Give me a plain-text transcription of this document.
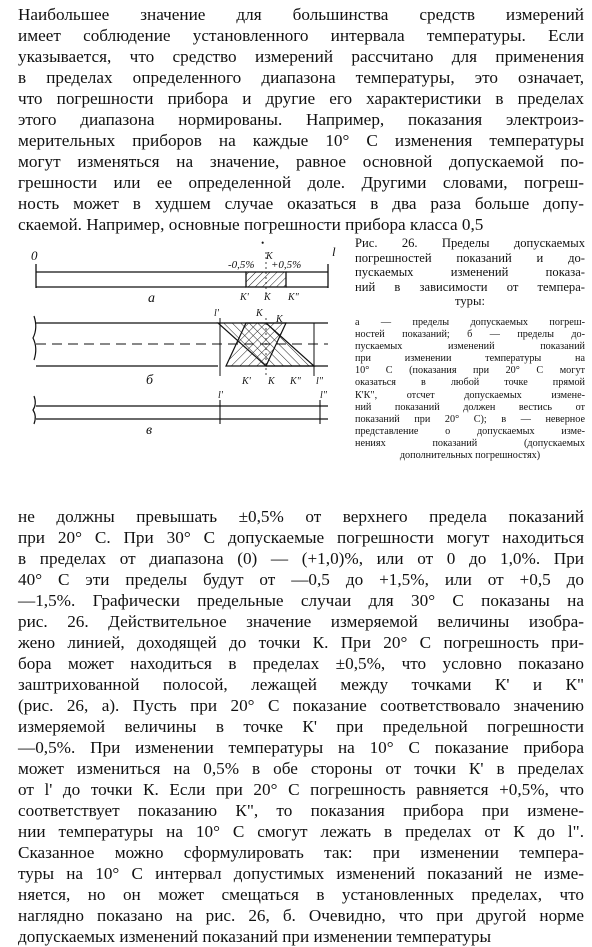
Наибольшее значение для большинства средств измерений
имеет соблюдение установленного интервала температуры. Если
указывается, что средство измерений рассчитано для применения
в пределах определенного диапазона температуры, это означает,
что погрешности прибора и другие его характеристики в пределах
этого диапазона нормированы. Например, показания электроиз-
мерительных приборов на каждые 10° С изменения температуры
могут изменяться на значение, равное основной допускаемой по-
грешности или ее определенной доле. Другими словами, погреш-
ность может в худшем случае оказаться в два раза больше допу-
скаемой. Например, основные погрешности прибора класса 0,5
0	l
-0,5% +0,5%
•
К
К' К К"
а
l'	К
К
К' К К" l"
б
l'	l"
в

Рис. 26. Пределы допускаемых
погрешностей показаний и до-
пускаемых изменений показа-
ний в зависимости от темпера-
туры:

а — пределы допускаемых погреш-
ностей показаний; б — пределы до-
пускаемых изменений показаний
при изменении температуры на
10° С (показания при 20° С могут
оказаться в любой точке прямой
К'К", отсчет допускаемых измене-
ний показаний должен вестись от
показаний при 20° С); в — неверное
представление о допускаемых изме-
нениях показаний (допускаемых
дополнительных погрешностях)

не должны превышать ±0,5% от верхнего предела показаний
при 20° С. При 30° С допускаемые погрешности могут находиться
в пределах от диапазона (0) — (+1,0)%, или от 0 до 1,0%. При
40° С эти пределы будут от —0,5 до +1,5%, или от +0,5 до
—1,5%. Графически предельные случаи для 30° С показаны на
рис. 26. Действительное значение измеряемой величины изобра-
жено линией, доходящей до точки К. При 20° С погрешность при-
бора может находиться в пределах ±0,5%, что условно показано
заштрихованной полосой, лежащей между точками К' и К"
(рис. 26, а). Пусть при 20° С показание соответствовало значению
измеряемой величины в точке К' при предельной погрешности
—0,5%. При изменении температуры на 10° С показание прибора
может измениться на 0,5% в обе стороны от точки К' в пределах
от l' до точки К. Если при 20° С погрешность равняется +0,5%, что
соответствует показанию К", то показания прибора при измене-
нии температуры на 10° С смогут лежать в пределах от К до l".
Сказанное можно сформулировать так: при изменении темпера-
туры на 10° С интервал допустимых изменений показаний не изме-
няется, но он может смещаться в установленных пределах, что
наглядно показано на рис. 26, б. Очевидно, что при другой норме
допускаемых изменений показаний при изменении температуры
